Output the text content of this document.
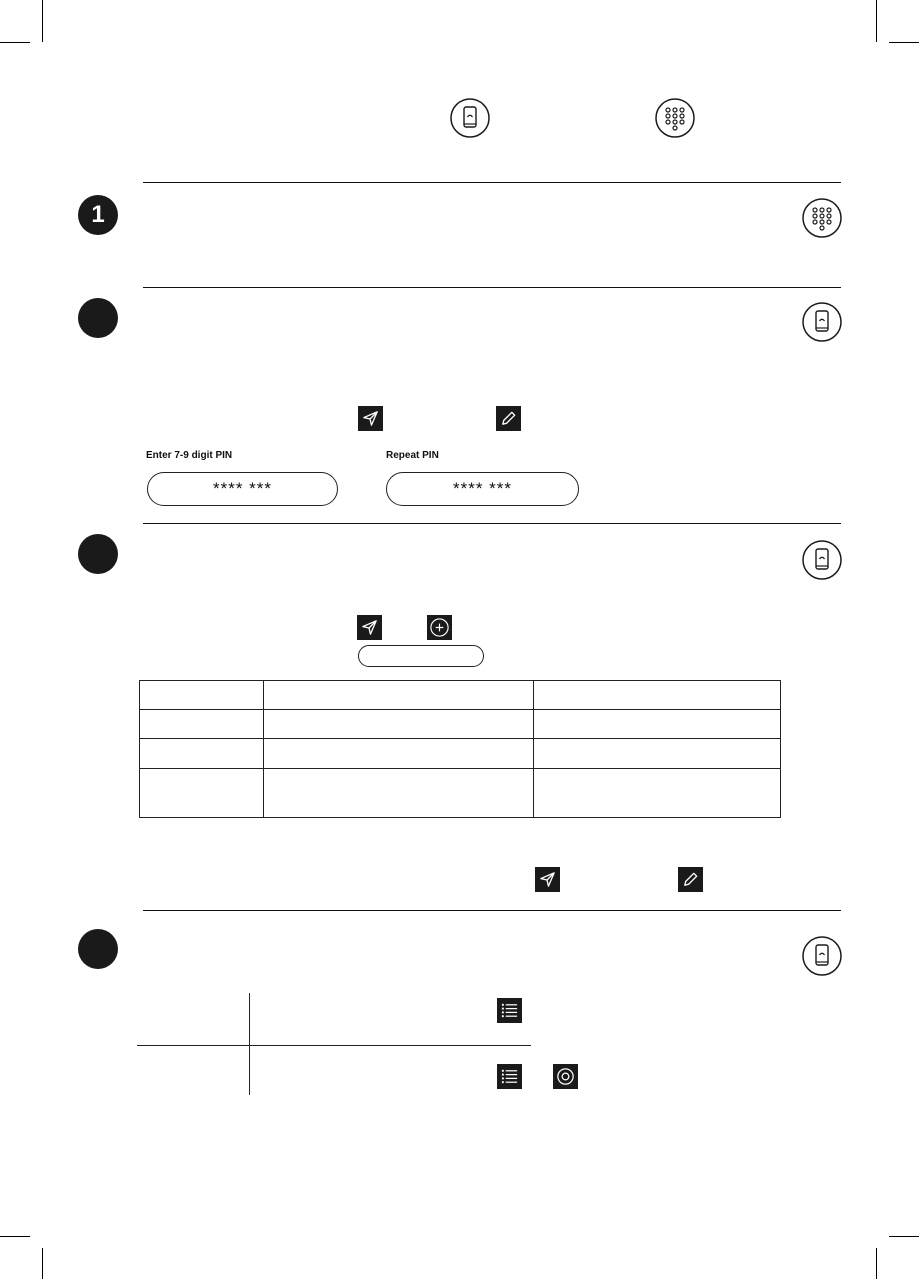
1
Enter 7-9 digit PIN
**** ***
Repeat PIN
**** ***
